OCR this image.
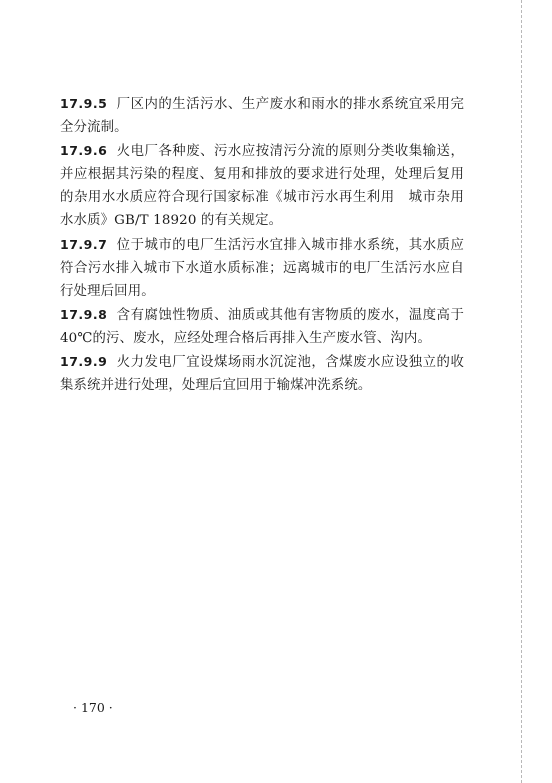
17.9.5 厂区内的生活污水、生产废水和雨水的排水系统宜采用完全分流制。

17.9.6 火电厂各种废、污水应按清污分流的原则分类收集输送，并应根据其污染的程度、复用和排放的要求进行处理，处理后复用的杂用水水质应符合现行国家标准《城市污水再生利用　城市杂用水水质》GB/T 18920 的有关规定。

17.9.7 位于城市的电厂生活污水宜排入城市排水系统，其水质应符合污水排入城市下水道水质标准；远离城市的电厂生活污水应自行处理后回用。

17.9.8 含有腐蚀性物质、油质或其他有害物质的废水，温度高于40℃的污、废水，应经处理合格后再排入生产废水管、沟内。

17.9.9 火力发电厂宜设煤场雨水沉淀池，含煤废水应设独立的收集系统并进行处理，处理后宜回用于输煤冲洗系统。

· 170 ·
